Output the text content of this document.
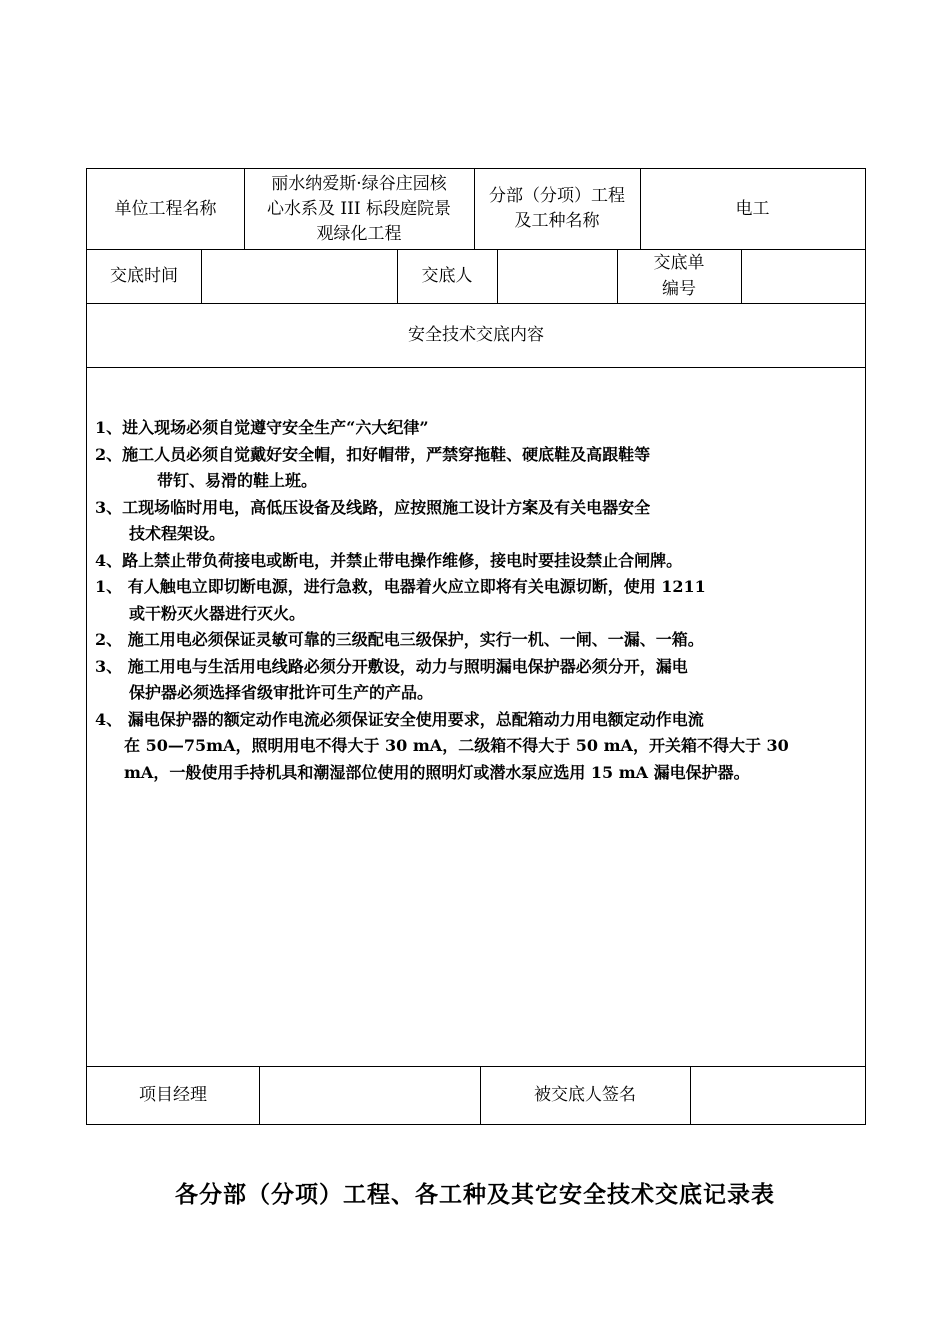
单位工程名称
丽水纳爱斯·绿谷庄园核
心水系及 III 标段庭院景
观绿化工程
分部（分项）工程
及工种名称
电工
交底时间	交底人
交底单
编号
安全技术交底内容

1、进入现场必须自觉遵守安全生产“六大纪律”

2、施工人员必须自觉戴好安全帽，扣好帽带，严禁穿拖鞋、硬底鞋及高跟鞋等

带钉、易滑的鞋上班。

3、工现场临时用电，高低压设备及线路，应按照施工设计方案及有关电器安全

技术程架设。

4、路上禁止带负荷接电或断电，并禁止带电操作维修，接电时要挂设禁止合闸牌。

1、 有人触电立即切断电源，进行急救，电器着火应立即将有关电源切断，使用 1211

或干粉灭火器进行灭火。

2、 施工用电必须保证灵敏可靠的三级配电三级保护，实行一机、一闸、一漏、一箱。

3、 施工用电与生活用电线路必须分开敷设，动力与照明漏电保护器必须分开，漏电

保护器必须选择省级审批许可生产的产品。

4、 漏电保护器的额定动作电流必须保证安全使用要求，总配箱动力用电额定动作电流

在 50—75mA，照明用电不得大于 30 mA，二级箱不得大于 50 mA，开关箱不得大于 30

mA，一般使用手持机具和潮湿部位使用的照明灯或潜水泵应选用 15 mA 漏电保护器。

项目经理	被交底人签名
各分部（分项）工程、各工种及其它安全技术交底记录表
